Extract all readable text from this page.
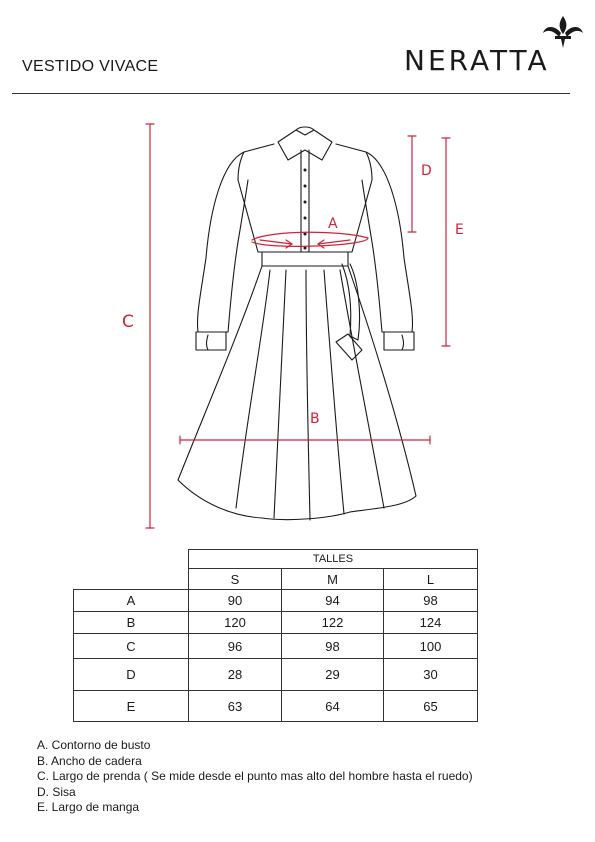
VESTIDO VIVACE	NERATTA
A
B
C
D
E
	TALLES		
	S	M	L
A	90	94	98
B	120	122	124
C	96	98	100
D	28	29	30
E	63	64	65
A. Contorno de busto
B. Ancho de cadera
C. Largo de prenda ( Se mide desde el punto mas alto del hombre hasta el ruedo)
D. Sisa
E. Largo de manga
